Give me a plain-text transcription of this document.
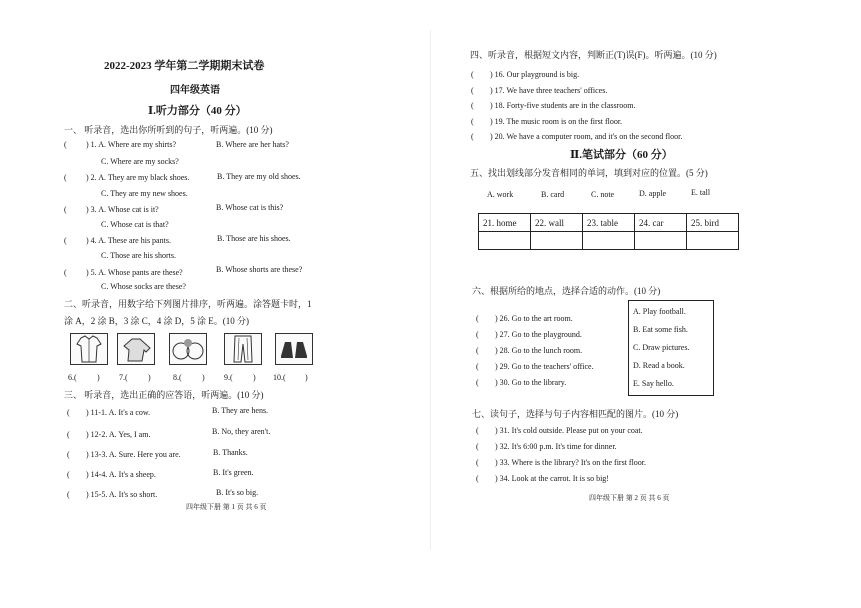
2022-2023 学年第二学期期末试卷
四年级英语
Ⅰ.听力部分（40 分）
一、 听录音，选出你所听到的句子，听两遍。(10 分)
( ) 1. A. Where are my shirts?	B. Where are her hats?
C. Where are my socks?
( ) 2. A. They are my black shoes.	B. They are my old shoes.
C. They are my new shoes.
( ) 3. A. Whose cat is it?	B. Whose cat is this?
C. Whose cat is that?
( ) 4. A. These are his pants.	B. Those are his shoes.
C. Those are his shorts.
( ) 5. A. Whose pants are these?	B. Whose shorts are these?
C. Whose socks are these?
二、听录音，用数字给下列图片排序，听两遍。涂答题卡时，1
涂 A，2 涂 B，3 涂 C，4 涂 D，5 涂 E。(10 分)
6.(	) 7.(	)	8.(	) 9.(	) 10.( )
三、 听录音，选出正确的应答语，听两遍。(10 分)
( ) 11-1. A. It's a cow.	B. They are hens.
( ) 12-2. A. Yes, I am.	B. No, they aren't.
( ) 13-3. A. Sure. Here you are.	B. Thanks.
( ) 14-4. A. It's a sheep.	B. It's green.
( ) 15-5. A. It's so short.	B. It's so big.
四年级下册 第 1 页 共 6 页
四、听录音，根据短文内容，判断正(T)误(F)。听两遍。(10 分)
( ) 16. Our playground is big.
( ) 17. We have three teachers' offices.
( ) 18. Forty-five students are in the classroom.
( ) 19. The music room is on the first floor.
( ) 20. We have a computer room, and it's on the second floor.
Ⅱ.笔试部分（60 分）
五、找出划线部分发音相同的单词，填到对应的位置。(5 分)
A. work	B. card	C. note	D. apple	E. tall
21. home	22. wall	23. table	24. car	25. bird

六、根据所给的地点，选择合适的动作。(10 分)
( ) 26. Go to the art room.
( ) 27. Go to the playground.
( ) 28. Go to the lunch room.
( ) 29. Go to the teachers' office.
( ) 30. Go to the library.
A. Play football.
B. Eat some fish.
C. Draw pictures.
D. Read a book.
E. Say hello.
七、读句子，选择与句子内容相匹配的图片。(10 分)
( ) 31. It's cold outside. Please put on your coat.
( ) 32. It's 6:00 p.m. It's time for dinner.
( ) 33. Where is the library? It's on the first floor.
( ) 34. Look at the carrot. It is so big!
四年级下册 第 2 页 共 6 页
